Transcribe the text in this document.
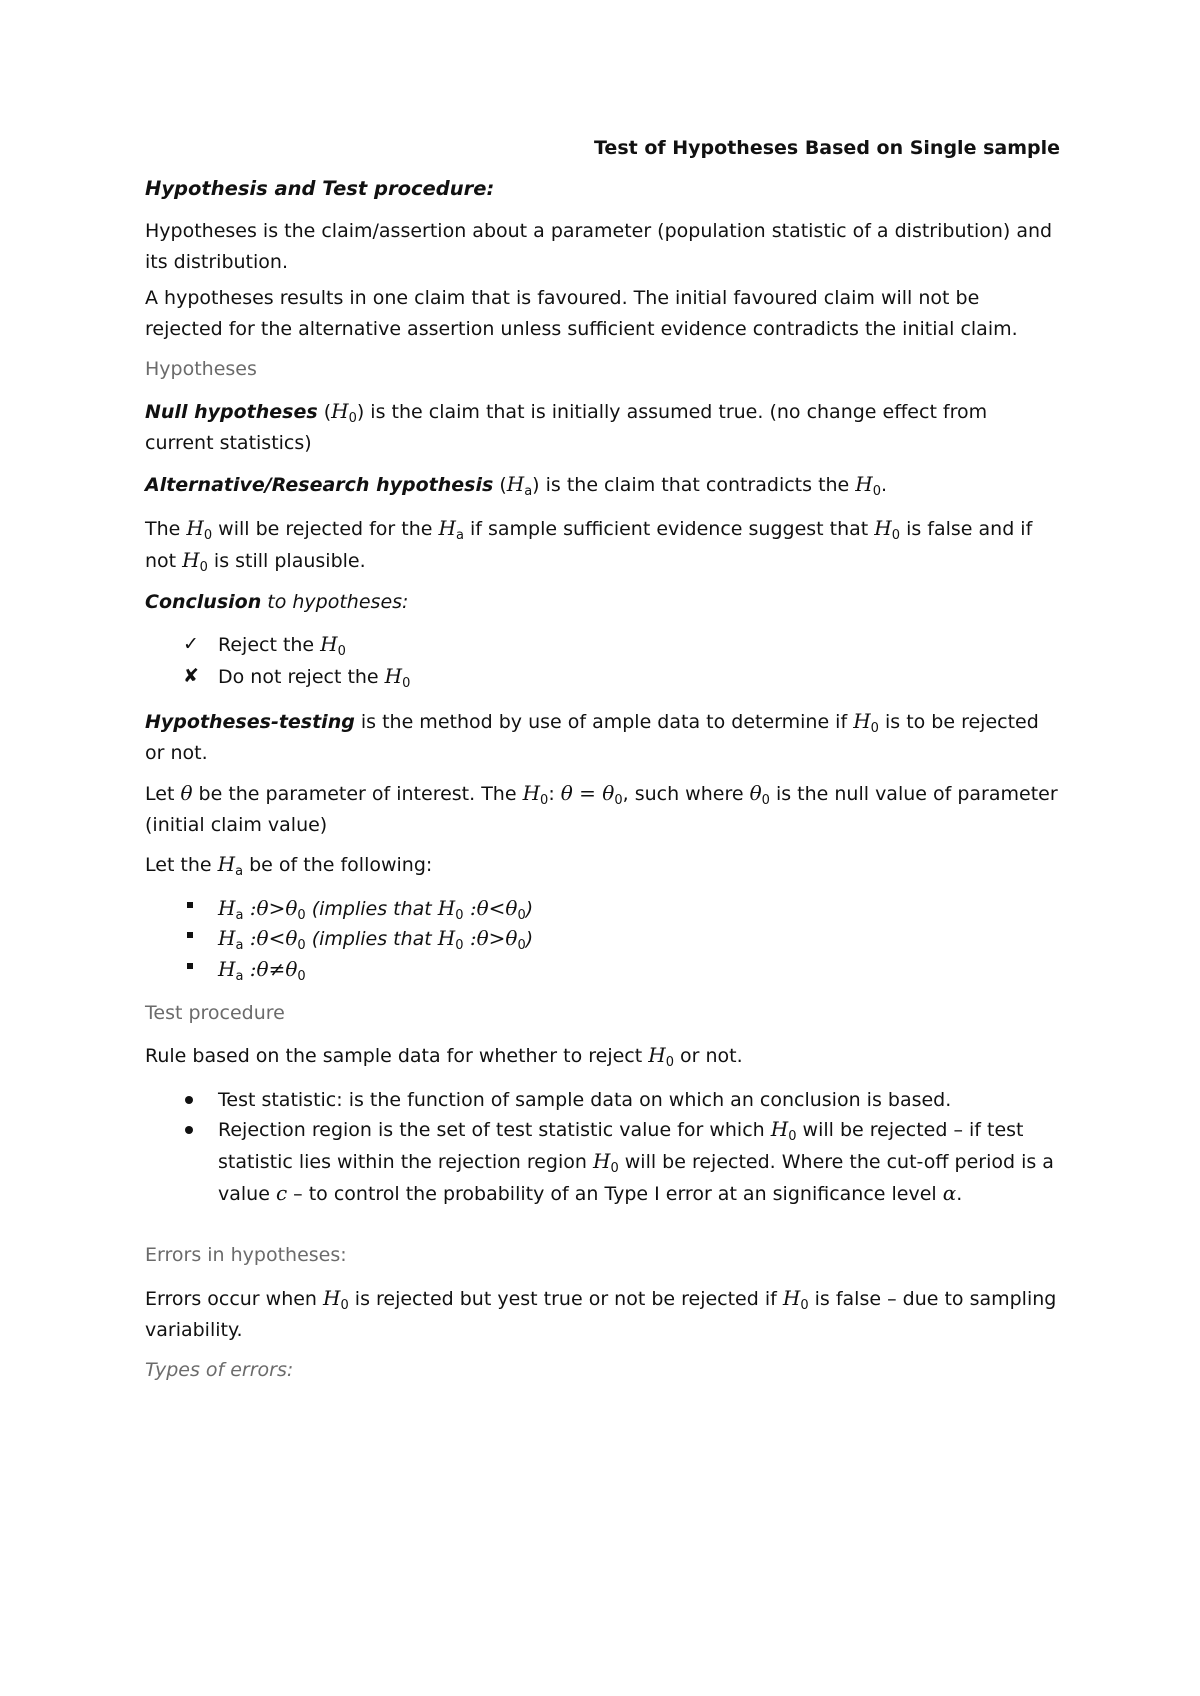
Test of Hypotheses Based on Single sample
Hypothesis and Test procedure:
Hypotheses is the claim/assertion about a parameter (population statistic of a distribution) and its distribution.
A hypotheses results in one claim that is favoured. The initial favoured claim will not be rejected for the alternative assertion unless sufficient evidence contradicts the initial claim.
Hypotheses
Null hypotheses $(H_0)$ is the claim that is initially assumed true. (no change effect from current statistics)
Alternative/Research hypothesis $(H_a)$ is the claim that contradicts the $H_0$.
The $H_0$ will be rejected for the $H_a$ if sample sufficient evidence suggest that $H_0$ is false and if not $H_0$ is still plausible.
Conclusion to hypotheses:
✓ Reject the $H_0$
✘ Do not reject the $H_0$
Hypotheses-testing is the method by use of ample data to determine if $H_0$ is to be rejected or not.
Let θ be the parameter of interest. The $H_0$: $\theta = \theta_0$, such where $\theta_0$ is the null value of parameter (initial claim value)
Let the $H_a$ be of the following:
$H_a$ $:\theta>\theta_0$ (implies that $H_0$ $:\theta<\theta_0$)
$H_a$ $:\theta<\theta_0$ (implies that $H_0$ $:\theta>\theta_0$)
$H_a$ $:\theta\ne\theta_0$
Test procedure
Rule based on the sample data for whether to reject $H_0$ or not.
Test statistic: is the function of sample data on which an conclusion is based.
Rejection region is the set of test statistic value for which $H_0$ will be rejected – if test statistic lies within the rejection region $H_0$ will be rejected. Where the cut-off period is a value c – to control the probability of an Type I error at an significance level α.
Errors in hypotheses:
Errors occur when $H_0$ is rejected but yest true or not be rejected if $H_0$ is false – due to sampling variability.
Types of errors:
